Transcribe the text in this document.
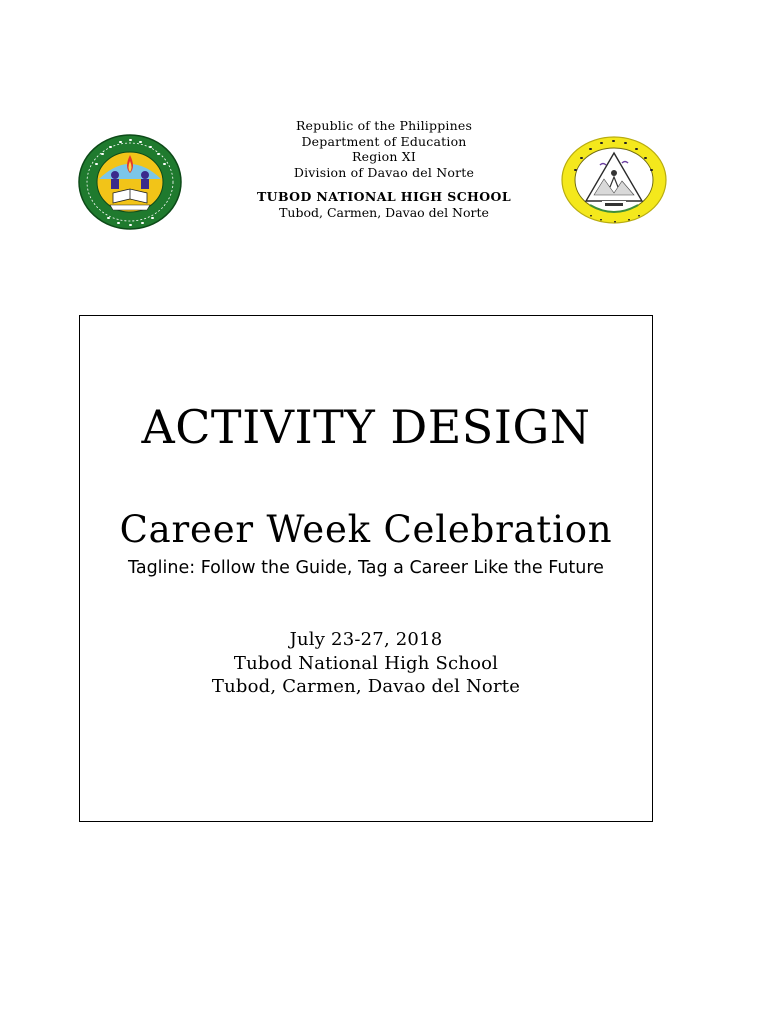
Republic of the Philippines
Department of Education
Region XI
Division of Davao del Norte
TUBOD NATIONAL HIGH SCHOOL
Tubod, Carmen, Davao del Norte
ACTIVITY DESIGN
Career Week Celebration
Tagline: Follow the Guide, Tag a Career Like the Future
July 23-27, 2018
Tubod National High School
Tubod, Carmen, Davao del Norte
